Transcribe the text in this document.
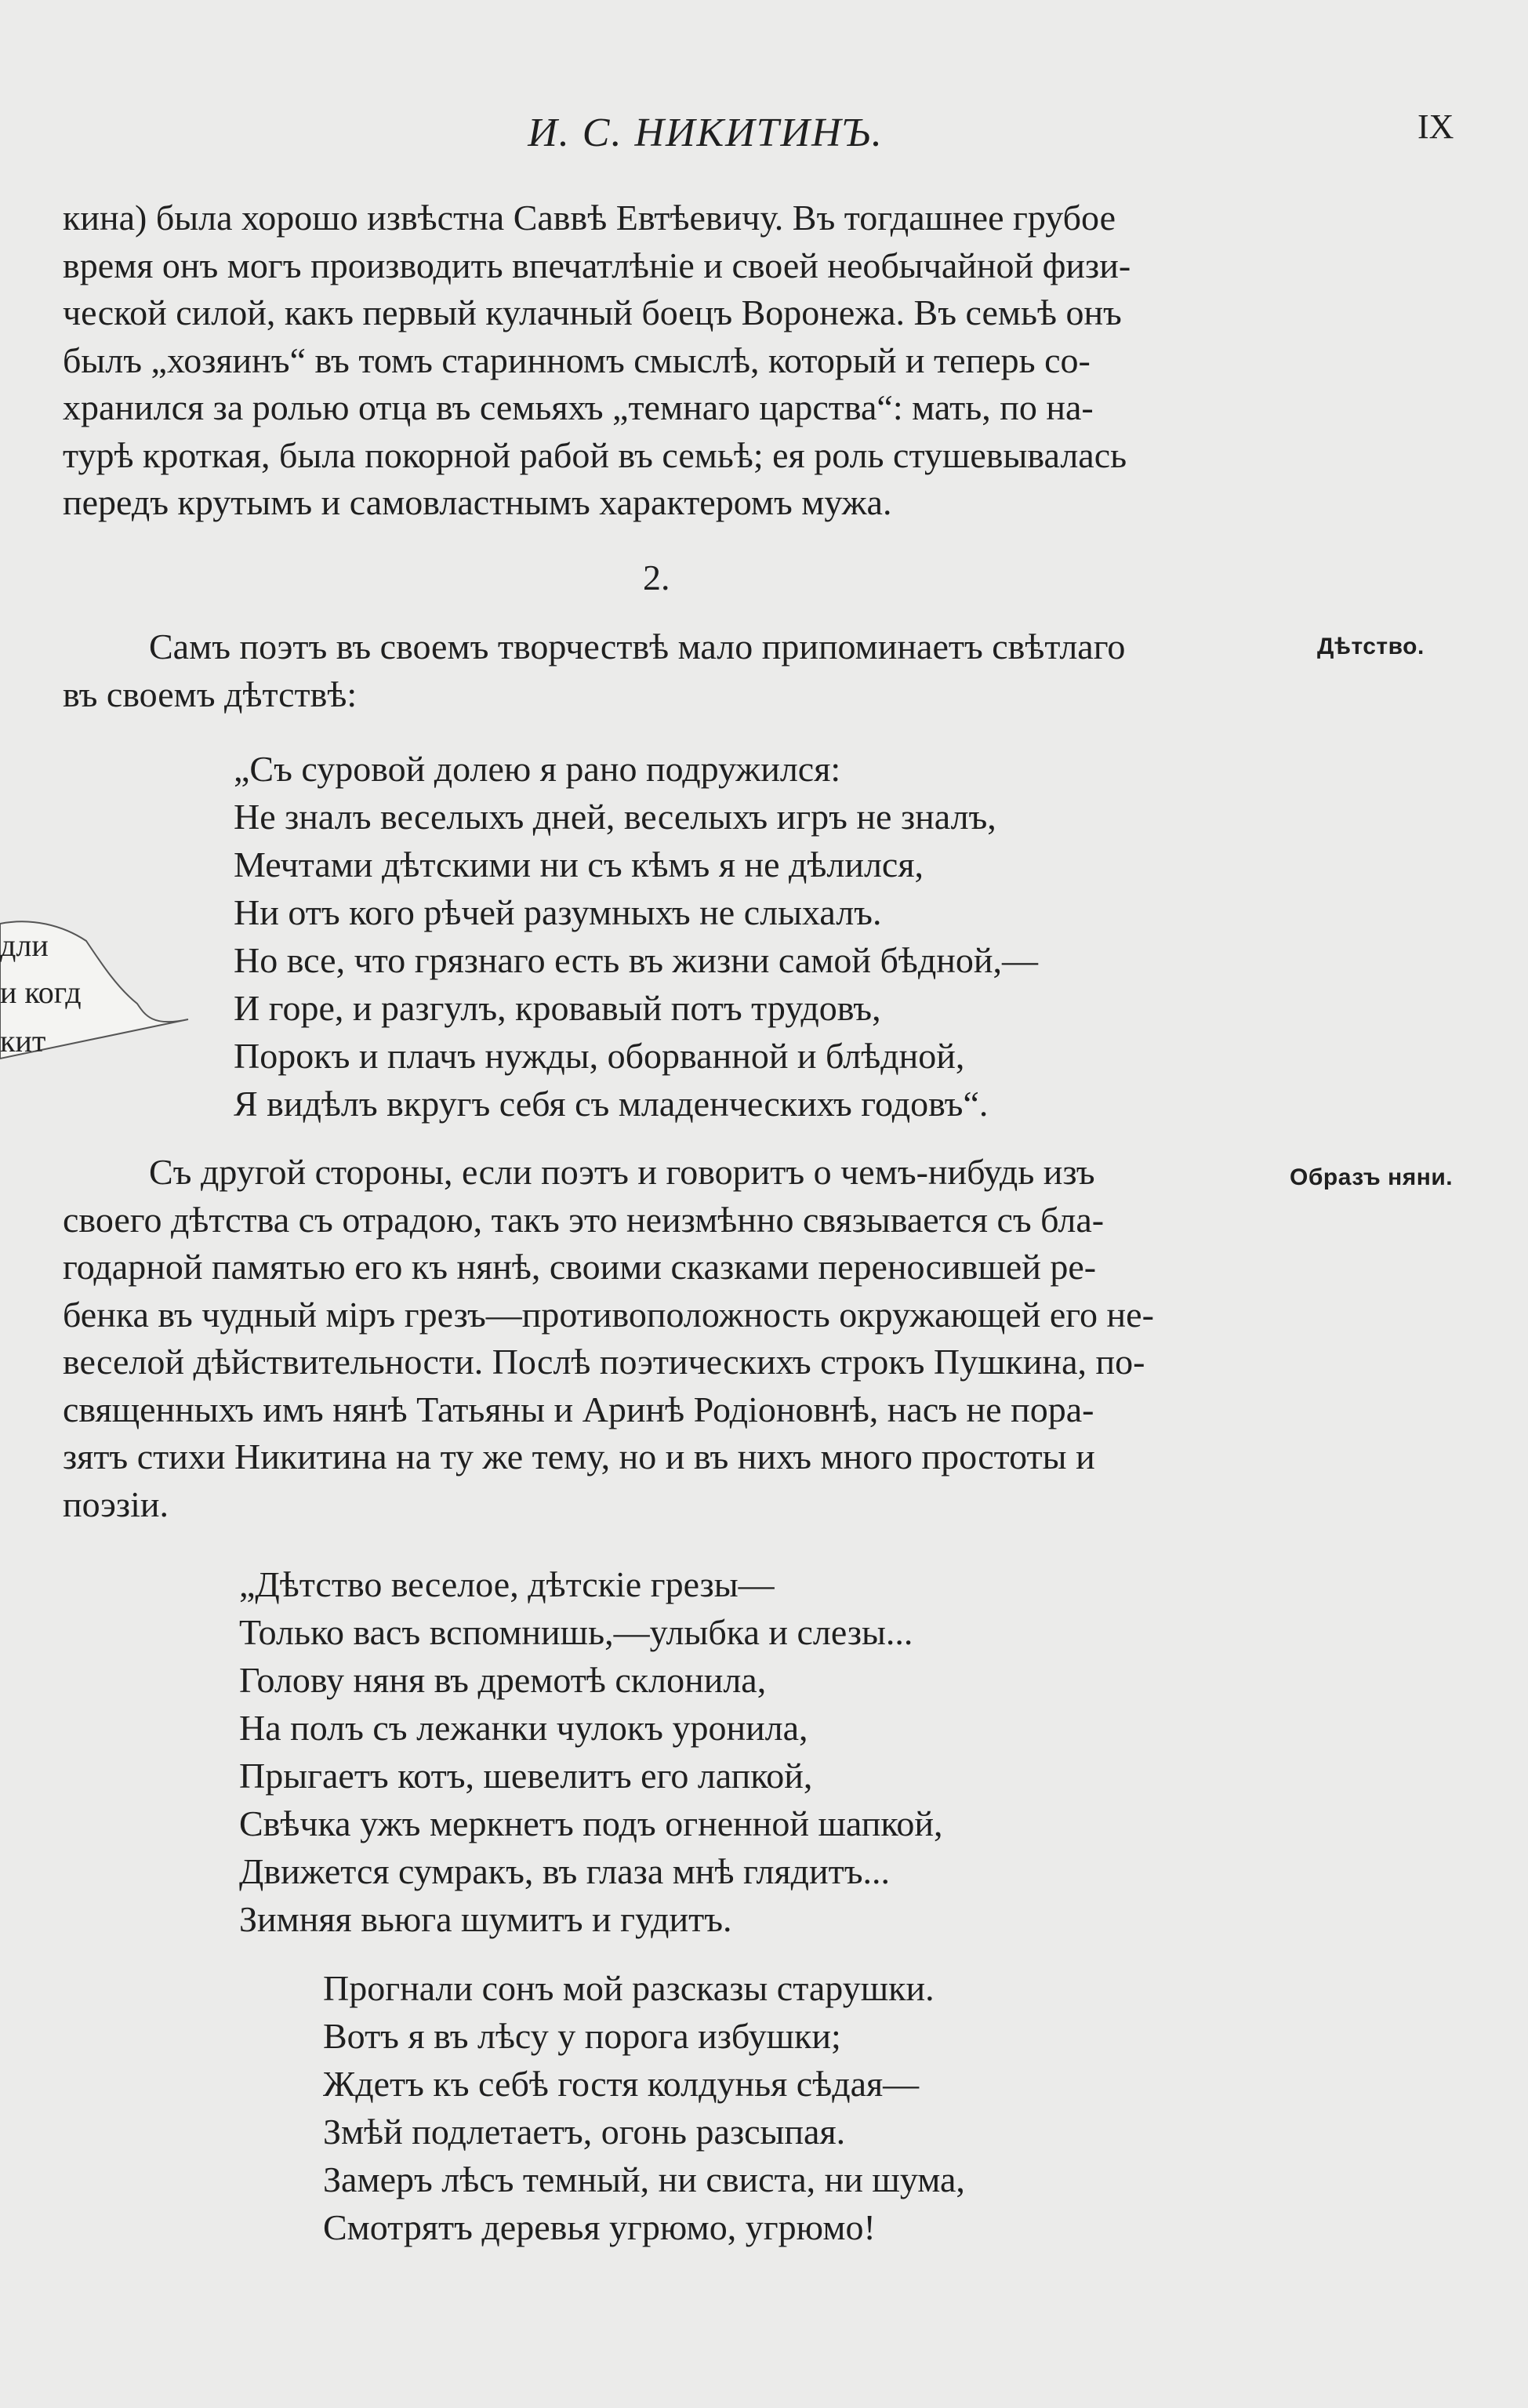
И. С. НИКИТИНЪ.	IX

кина) была хорошо извѣстна Саввѣ Евтѣевичу. Въ тогдашнее грубое

время онъ могъ производить впечатлѣніе и своей необычайной физи-

ческой силой, какъ первый кулачный боецъ Воронежа. Въ семьѣ онъ

былъ „хозяинъ“ въ томъ старинномъ смыслѣ, который и теперь со-

хранился за ролью отца въ семьяхъ „темнаго царства“: мать, по на-

турѣ кроткая, была покорной рабой въ семьѣ; ея роль стушевывалась

передъ крутымъ и самовластнымъ характеромъ мужа.

2.
Дѣтство.

Самъ поэтъ въ своемъ творчествѣ мало припоминаетъ свѣтлаго

въ своемъ дѣтствѣ:

„Съ суровой долею я рано подружился:
Не зналъ веселыхъ дней, веселыхъ игръ не зналъ,
Мечтами дѣтскими ни съ кѣмъ я не дѣлился,
Ни отъ кого рѣчей разумныхъ не слыхалъ.
Но все, что грязнаго есть въ жизни самой бѣдной,—
И горе, и разгулъ, кровавый потъ трудовъ,
Порокъ и плачъ нужды, оборванной и блѣдной,
Я видѣлъ вкругъ себя съ младенческихъ годовъ“.
дли
и когд
кит
Образъ няни.

Съ другой стороны, если поэтъ и говоритъ о чемъ-нибудь изъ

своего дѣтства съ отрадою, такъ это неизмѣнно связывается съ бла-

годарной памятью его къ нянѣ, своими сказками переносившей ре-

бенка въ чудный міръ грезъ—противоположность окружающей его не-

веселой дѣйствительности. Послѣ поэтическихъ строкъ Пушкина, по-

священныхъ имъ нянѣ Татьяны и Аринѣ Родіоновнѣ, насъ не пора-

зятъ стихи Никитина на ту же тему, но и въ нихъ много простоты и

поэзіи.

„Дѣтство веселое, дѣтскіе грезы—
Только васъ вспомнишь,—улыбка и слезы...
Голову няня въ дремотѣ склонила,
На полъ съ лежанки чулокъ уронила,
Прыгаетъ котъ, шевелитъ его лапкой,
Свѣчка ужъ меркнетъ подъ огненной шапкой,
Движется сумракъ, въ глаза мнѣ глядитъ...
Зимняя вьюга шумитъ и гудитъ.
Прогнали сонъ мой разсказы старушки.
Вотъ я въ лѣсу у порога избушки;
Ждетъ къ себѣ гостя колдунья сѣдая—
Змѣй подлетаетъ, огонь разсыпая.
Замеръ лѣсъ темный, ни свиста, ни шума,
Смотрятъ деревья угрюмо, угрюмо!
